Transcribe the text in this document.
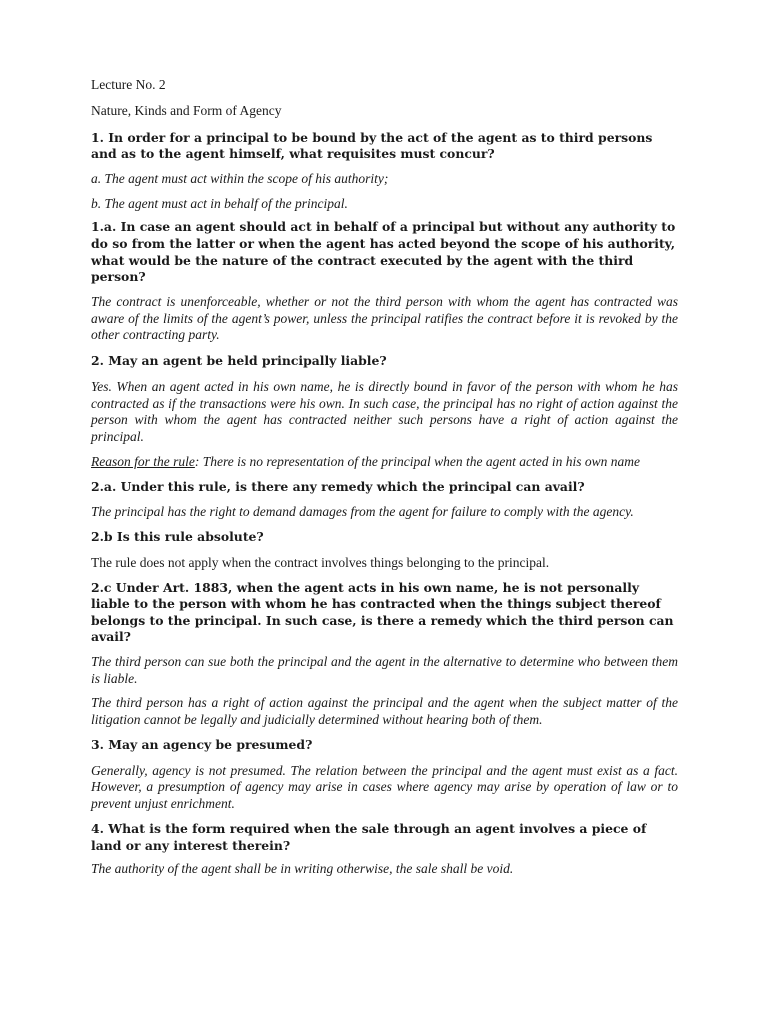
Lecture No. 2

Nature, Kinds and Form of Agency

1. In order for a principal to be bound by the act of the agent as to third persons and as to the agent himself, what requisites must concur?

a. The agent must act within the scope of his authority;

b. The agent must act in behalf of the principal.

1.a. In case an agent should act in behalf of a principal but without any authority to do so from the latter or when the agent has acted beyond the scope of his authority, what would be the nature of the contract executed by the agent with the third person?

The contract is unenforceable, whether or not the third person with whom the agent has contracted was aware of the limits of the agent’s power, unless the principal ratifies the contract before it is revoked by the other contracting party.

2. May an agent be held principally liable?

Yes. When an agent acted in his own name, he is directly bound in favor of the person with whom he has contracted as if the transactions were his own. In such case, the principal has no right of action against the person with whom the agent has contracted neither such persons have a right of action against the principal.

Reason for the rule: There is no representation of the principal when the agent acted in his own name

2.a. Under this rule, is there any remedy which the principal can avail?

The principal has the right to demand damages from the agent for failure to comply with the agency.

2.b Is this rule absolute?

The rule does not apply when the contract involves things belonging to the principal.

2.c Under Art. 1883, when the agent acts in his own name, he is not personally liable to the person with whom he has contracted when the things subject thereof belongs to the principal. In such case, is there a remedy which the third person can avail?

The third person can sue both the principal and the agent in the alternative to determine who between them is liable.

The third person has a right of action against the principal and the agent when the subject matter of the litigation cannot be legally and judicially determined without hearing both of them.

3. May an agency be presumed?

Generally, agency is not presumed. The relation between the principal and the agent must exist as a fact. However, a presumption of agency may arise in cases where agency may arise by operation of law or to prevent unjust enrichment.

4. What is the form required when the sale through an agent involves a piece of land or any interest therein?

The authority of the agent shall be in writing otherwise, the sale shall be void.
